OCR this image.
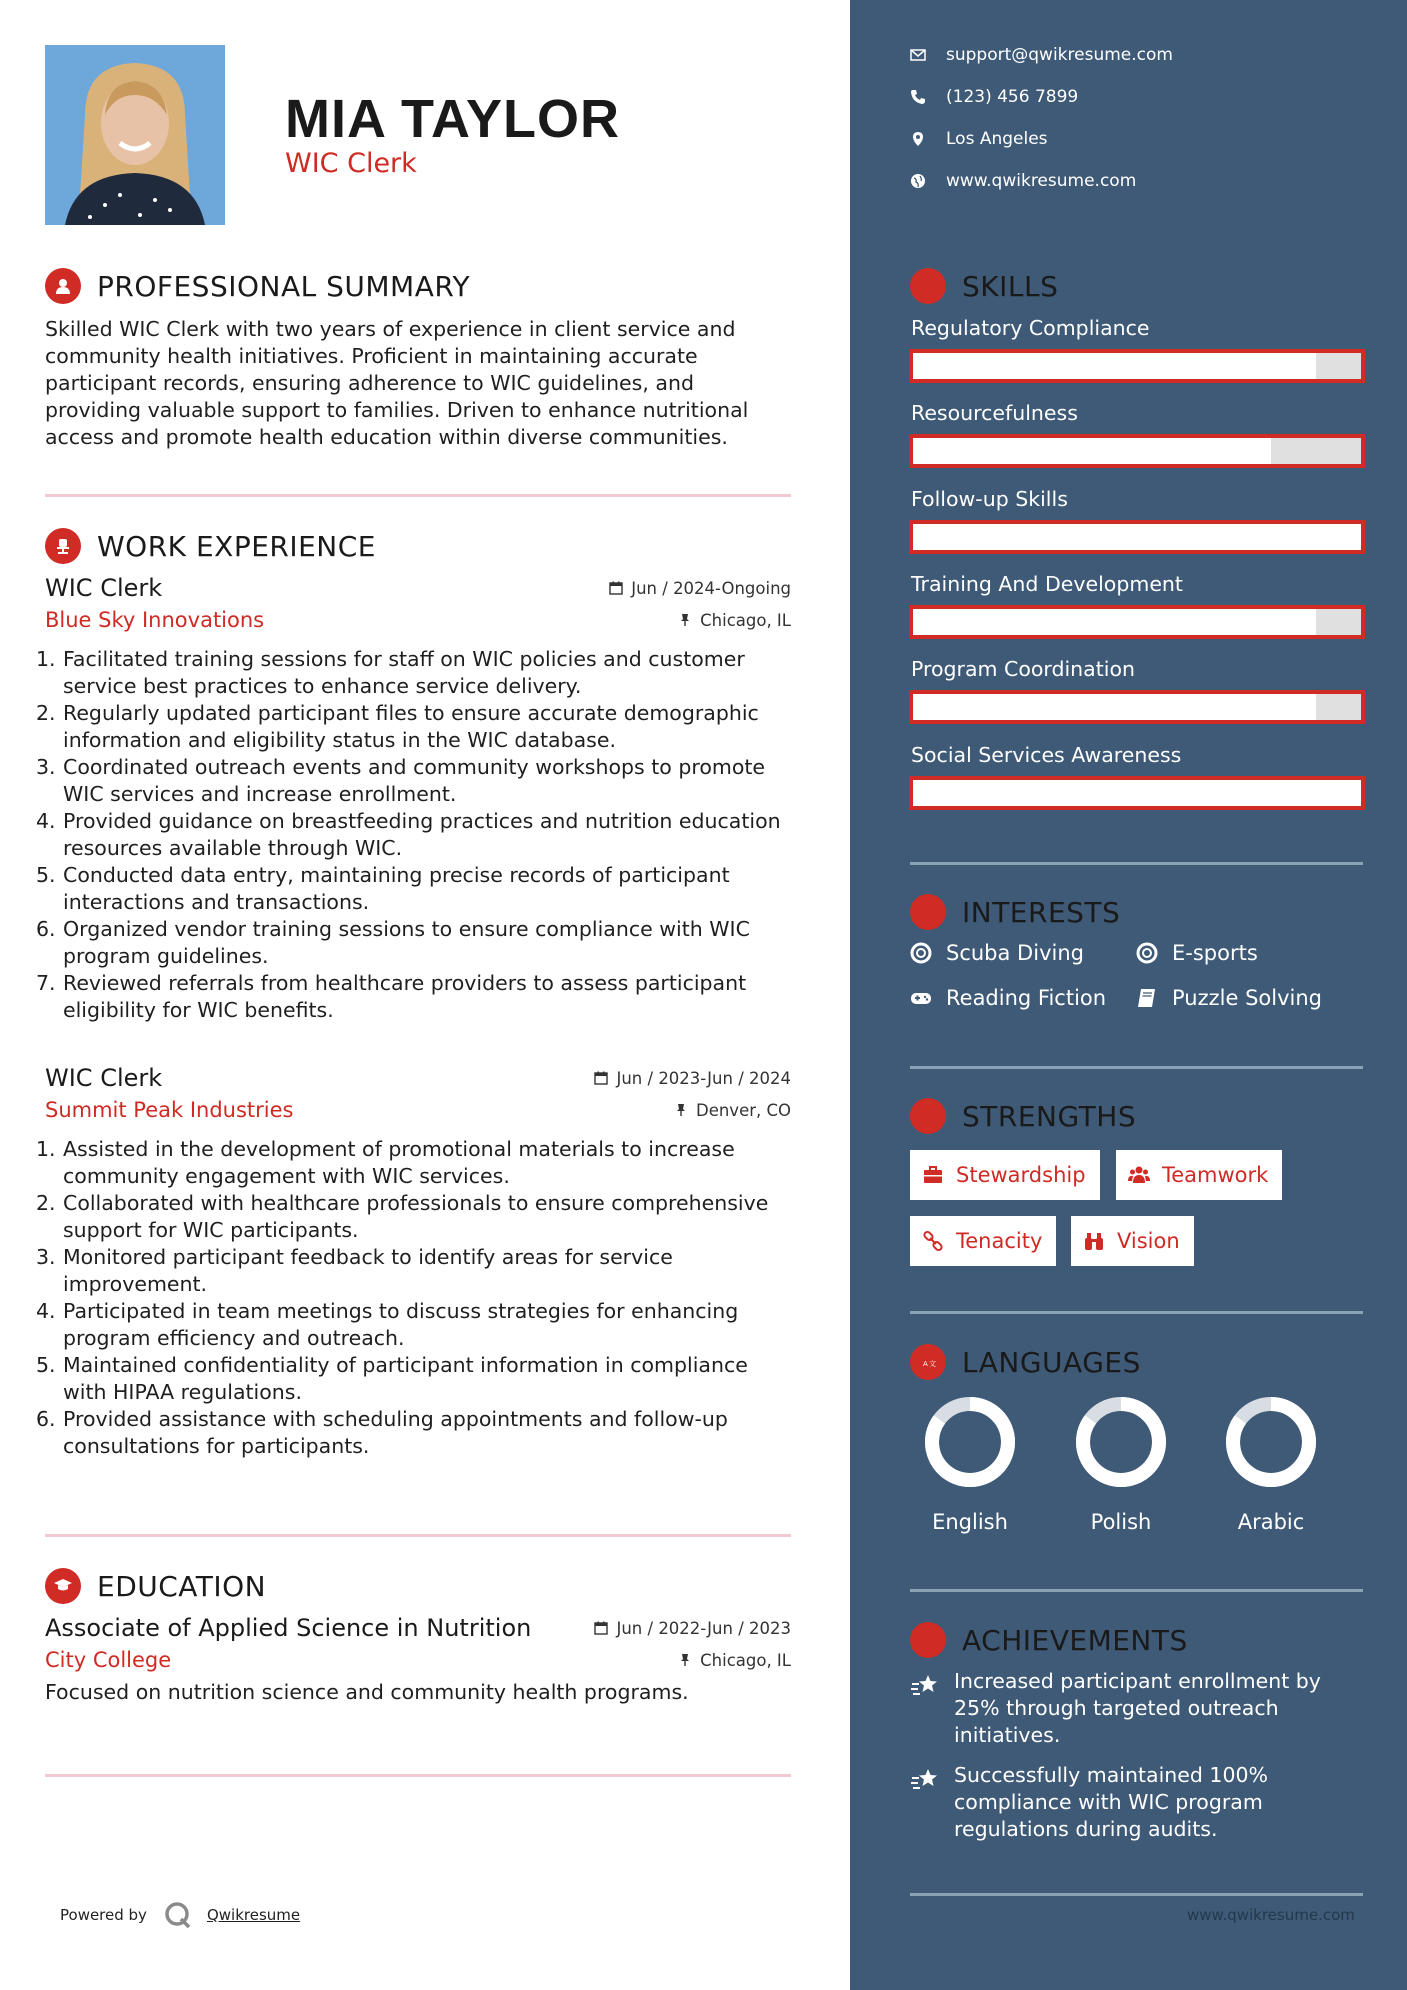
MIA TAYLOR
WIC Clerk
PROFESSIONAL SUMMARY
Skilled WIC Clerk with two years of experience in client service and community health initiatives. Proficient in maintaining accurate participant records, ensuring adherence to WIC guidelines, and providing valuable support to families. Driven to enhance nutritional access and promote health education within diverse communities.
WORK EXPERIENCE
WIC Clerk	Jun / 2024-Ongoing
Blue Sky Innovations	Chicago, IL
1. Facilitated training sessions for staff on WIC policies and customer service best practices to enhance service delivery.
2. Regularly updated participant files to ensure accurate demographic information and eligibility status in the WIC database.
3. Coordinated outreach events and community workshops to promote WIC services and increase enrollment.
4. Provided guidance on breastfeeding practices and nutrition education resources available through WIC.
5. Conducted data entry, maintaining precise records of participant interactions and transactions.
6. Organized vendor training sessions to ensure compliance with WIC program guidelines.
7. Reviewed referrals from healthcare providers to assess participant eligibility for WIC benefits.
WIC Clerk	Jun / 2023-Jun / 2024
Summit Peak Industries	Denver, CO
1. Assisted in the development of promotional materials to increase community engagement with WIC services.
2. Collaborated with healthcare professionals to ensure comprehensive support for WIC participants.
3. Monitored participant feedback to identify areas for service improvement.
4. Participated in team meetings to discuss strategies for enhancing program efficiency and outreach.
5. Maintained confidentiality of participant information in compliance with HIPAA regulations.
6. Provided assistance with scheduling appointments and follow-up consultations for participants.
EDUCATION
Associate of Applied Science in Nutrition	Jun / 2022-Jun / 2023
City College	Chicago, IL
Focused on nutrition science and community health programs.
Powered by	Qwikresume
support@qwikresume.com
(123) 456 7899
Los Angeles
www.qwikresume.com
SKILLS
Regulatory Compliance
Resourcefulness
Follow-up Skills
Training And Development
Program Coordination
Social Services Awareness
INTERESTS
Scuba Diving	E-sports
Reading Fiction	Puzzle Solving
STRENGTHS
Stewardship	Teamwork
Tenacity	Vision
A 文 LANGUAGES
English	Polish	Arabic
ACHIEVEMENTS
Increased participant enrollment by 25% through targeted outreach initiatives.
Successfully maintained 100% compliance with WIC program regulations during audits.
www.qwikresume.com
